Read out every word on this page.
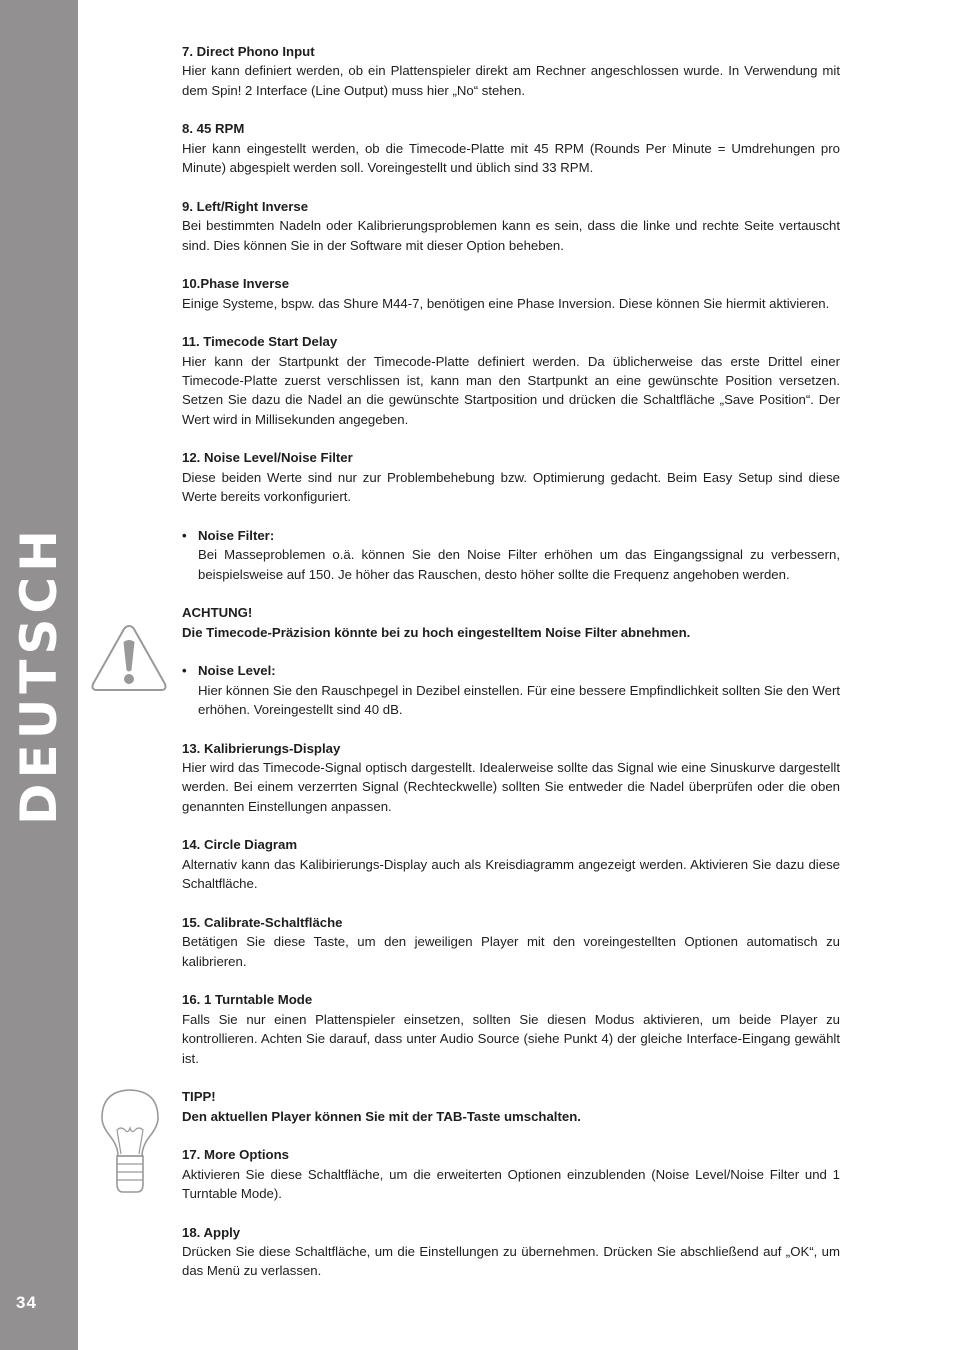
DEUTSCH
34
7. Direct Phono Input
Hier kann definiert werden, ob ein Plattenspieler direkt am Rechner angeschlossen wurde. In Verwendung mit dem Spin! 2 Interface (Line Output) muss hier „No“ stehen.
8. 45 RPM
Hier kann eingestellt werden, ob die Timecode-Platte mit 45 RPM (Rounds Per Minute = Umdrehungen pro Minute) abgespielt werden soll. Voreingestellt und üblich sind 33 RPM.
9. Left/Right Inverse
Bei bestimmten Nadeln oder Kalibrierungsproblemen kann es sein, dass die linke und rechte Seite vertauscht sind. Dies können Sie in der Software mit dieser Option beheben.
10.Phase Inverse
Einige Systeme, bspw. das Shure M44-7, benötigen eine Phase Inversion. Diese können Sie hiermit aktivieren.
11. Timecode Start Delay
Hier kann der Startpunkt der Timecode-Platte definiert werden. Da üblicherweise das erste Drittel einer Timecode-Platte zuerst verschlissen ist, kann man den Startpunkt an eine gewünschte Position versetzen. Setzen Sie dazu die Nadel an die gewünschte Startposition und drücken die Schaltfläche „Save Position“. Der Wert wird in Millisekunden angegeben.
12. Noise Level/Noise Filter
Diese beiden Werte sind nur zur Problembehebung bzw. Optimierung gedacht. Beim Easy Setup sind diese Werte bereits vorkonfiguriert.
• Noise Filter:
Bei Masseproblemen o.ä. können Sie den Noise Filter erhöhen um das Eingangssignal zu verbessern, beispielsweise auf 150. Je höher das Rauschen, desto höher sollte die Frequenz angehoben werden.
ACHTUNG!
Die Timecode-Präzision könnte bei zu hoch eingestelltem Noise Filter abnehmen.
• Noise Level:
Hier können Sie den Rauschpegel in Dezibel einstellen. Für eine bessere Empfindlichkeit sollten Sie den Wert erhöhen. Voreingestellt sind 40 dB.
13. Kalibrierungs-Display
Hier wird das Timecode-Signal optisch dargestellt. Idealerweise sollte das Signal wie eine Sinuskurve dargestellt werden. Bei einem verzerrten Signal (Rechteckwelle) sollten Sie entweder die Nadel überprüfen oder die oben genannten Einstellungen anpassen.
14. Circle Diagram
Alternativ kann das Kalibirierungs-Display auch als Kreisdiagramm angezeigt werden. Aktivieren Sie dazu diese Schaltfläche.
15. Calibrate-Schaltfläche
Betätigen Sie diese Taste, um den jeweiligen Player mit den voreingestellten Optionen automatisch zu kalibrieren.
16. 1 Turntable Mode
Falls Sie nur einen Plattenspieler einsetzen, sollten Sie diesen Modus aktivieren, um beide Player zu kontrollieren. Achten Sie darauf, dass unter Audio Source (siehe Punkt 4) der gleiche Interface-Eingang gewählt ist.
TIPP!
Den aktuellen Player können Sie mit der TAB-Taste umschalten.
17. More Options
Aktivieren Sie diese Schaltfläche, um die erweiterten Optionen einzublenden (Noise Level/Noise Filter und 1 Turntable Mode).
18. Apply
Drücken Sie diese Schaltfläche, um die Einstellungen zu übernehmen. Drücken Sie abschließend auf „OK“, um das Menü zu verlassen.
